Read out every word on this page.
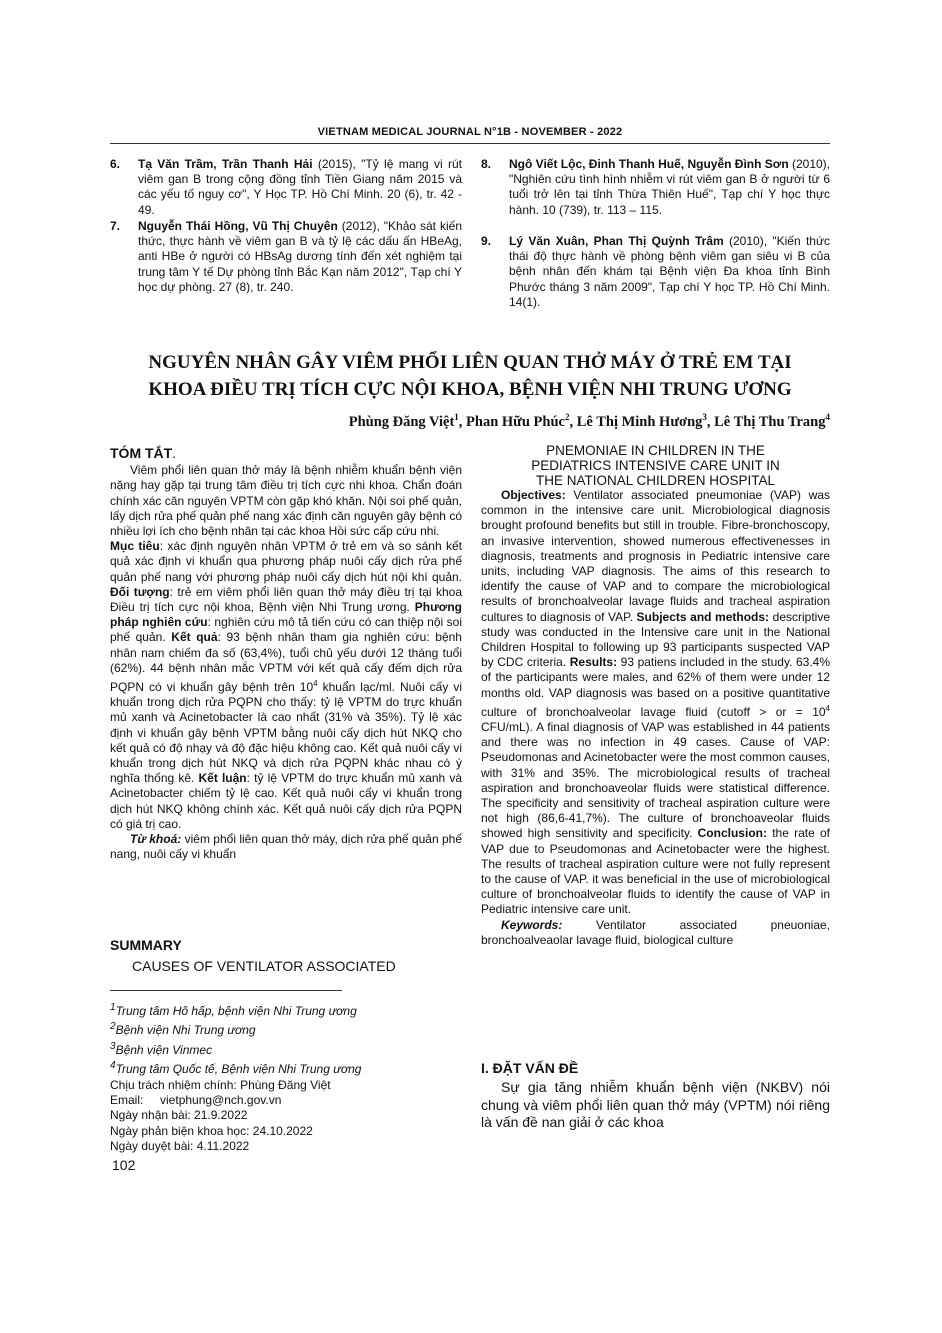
VIETNAM MEDICAL JOURNAL N°1B - NOVEMBER - 2022
6. Tạ Văn Trầm, Trần Thanh Hải (2015), "Tỷ lệ mang vi rút viêm gan B trong cộng đồng tỉnh Tiền Giang năm 2015 và các yếu tố nguy cơ", Y Học TP. Hồ Chí Minh. 20 (6), tr. 42 - 49.
7. Nguyễn Thái Hồng, Vũ Thị Chuyên (2012), "Khảo sát kiến thức, thực hành về viêm gan B và tỷ lệ các dấu ấn HBeAg, anti HBe ở người có HBsAg dương tính đến xét nghiệm tại trung tâm Y tế Dự phòng tỉnh Bắc Kạn năm 2012", Tạp chí Y học dự phòng. 27 (8), tr. 240.
8. Ngô Viết Lộc, Đinh Thanh Huế, Nguyễn Đình Sơn (2010), "Nghiên cứu tình hình nhiễm vi rút viêm gan B ở người từ 6 tuổi trở lên tại tỉnh Thừa Thiên Huế", Tạp chí Y học thực hành. 10 (739), tr. 113 – 115.
9. Lý Văn Xuân, Phan Thị Quỳnh Trâm (2010), "Kiến thức thái độ thực hành về phòng bệnh viêm gan siêu vi B của bệnh nhân đến khám tại Bệnh viện Đa khoa tỉnh Bình Phước tháng 3 năm 2009", Tạp chí Y học TP. Hồ Chí Minh. 14(1).
NGUYÊN NHÂN GÂY VIÊM PHỔI LIÊN QUAN THỞ MÁY Ở TRẺ EM TẠI
KHOA ĐIỀU TRỊ TÍCH CỰC NỘI KHOA, BỆNH VIỆN NHI TRUNG ƯƠNG
Phùng Đăng Việt$^1$, Phan Hữu Phúc$^2$, Lê Thị Minh Hương$^3$, Lê Thị Thu Trang$^4$
TÓM TẮT.

Viêm phổi liên quan thở máy là bệnh nhiễm khuẩn bệnh viện nặng hay gặp tại trung tâm điều trị tích cực nhi khoa. Chẩn đoán chính xác căn nguyên VPTM còn gặp khó khăn. Nội soi phế quản, lấy dịch rửa phế quản phế nang xác định căn nguyên gây bệnh có nhiều lợi ích cho bệnh nhân tại các khoa Hồi sức cấp cứu nhi.

Mục tiêu: xác định nguyên nhân VPTM ở trẻ em và so sánh kết quả xác định vi khuẩn qua phương pháp nuôi cấy dịch rửa phế quản phế nang với phương pháp nuôi cấy dịch hút nội khí quản. Đối tượng: trẻ em viêm phổi liên quan thở máy điều trị tại khoa Điều trị tích cực nội khoa, Bệnh viện Nhi Trung ương. Phương pháp nghiên cứu: nghiên cứu mô tả tiến cứu có can thiệp nội soi phế quản. Kết quả: 93 bệnh nhân tham gia nghiên cứu: bệnh nhân nam chiếm đa số (63,4%), tuổi chủ yếu dưới 12 tháng tuổi (62%). 44 bệnh nhân mắc VPTM với kết quả cấy đếm dịch rửa PQPN có vi khuẩn gây bệnh trên $10^4$ khuẩn lạc/ml. Nuôi cấy vi khuẩn trong dịch rửa PQPN cho thấy: tỷ lệ VPTM do trực khuẩn mủ xanh và Acinetobacter là cao nhất (31% và 35%). Tỷ lệ xác định vi khuẩn gây bệnh VPTM bằng nuôi cấy dịch hút NKQ cho kết quả có độ nhạy và độ đặc hiệu không cao. Kết quả nuôi cấy vi khuẩn trong dịch hút NKQ và dịch rửa PQPN khác nhau có ý nghĩa thống kê. Kết luận: tỷ lệ VPTM do trực khuẩn mủ xanh và Acinetobacter chiếm tỷ lệ cao. Kết quả nuôi cấy vi khuẩn trong dịch hút NKQ không chính xác. Kết quả nuôi cấy dịch rửa PQPN có giá trị cao.

Từ khoá: viêm phổi liên quan thở máy, dịch rửa phế quản phế nang, nuôi cấy vi khuẩn

SUMMARY
CAUSES OF VENTILATOR ASSOCIATED
$^1$Trung tâm Hô hấp, bệnh viện Nhi Trung ương
$^2$Bệnh viện Nhi Trung ương
$^3$Bệnh viện Vinmec
$^4$Trung tâm Quốc tế, Bệnh viện Nhi Trung ương
Chịu trách nhiệm chính: Phùng Đăng Việt
Email: vietphung@nch.gov.vn
Ngày nhận bài: 21.9.2022
Ngày phản biện khoa học: 24.10.2022
Ngày duyệt bài: 4.11.2022
102
PNEMONIAE IN CHILDREN IN THE
PEDIATRICS INTENSIVE CARE UNIT IN
THE NATIONAL CHILDREN HOSPITAL

Objectives: Ventilator associated pneumoniae (VAP) was common in the intensive care unit. Microbiological diagnosis brought profound benefits but still in trouble. Fibre-bronchoscopy, an invasive intervention, showed numerous effectivenesses in diagnosis, treatments and prognosis in Pediatric intensive care units, including VAP diagnosis. The aims of this research to identify the cause of VAP and to compare the microbiological results of bronchoalveolar lavage fluids and tracheal aspiration cultures to diagnosis of VAP. Subjects and methods: descriptive study was conducted in the Intensive care unit in the National Children Hospital to following up 93 participants suspected VAP by CDC criteria. Results: 93 patiens included in the study. 63.4% of the participants were males, and 62% of them were under 12 months old. VAP diagnosis was based on a positive quantitative culture of bronchoalveolar lavage fluid (cutoff > or = $10^4$ CFU/mL). A final diagnosis of VAP was established in 44 patients and there was no infection in 49 cases. Cause of VAP: Pseudomonas and Acinetobacter were the most common causes, with 31% and 35%. The microbiological results of tracheal aspiration and bronchoaveolar fluids were statistical difference. The specificity and sensitivity of tracheal aspiration culture were not high (86,6-41,7%). The culture of bronchoaveolar fluids showed high sensitivity and specificity. Conclusion: the rate of VAP due to Pseudomonas and Acinetobacter were the highest. The results of tracheal aspiration culture were not fully represent to the cause of VAP. it was beneficial in the use of microbiological culture of bronchoalveolar fluids to identify the cause of VAP in Pediatric intensive care unit.

Keywords: Ventilator associated pneuoniae, bronchoalveaolar lavage fluid, biological culture

I. ĐẶT VẤN ĐỀ

Sự gia tăng nhiễm khuẩn bệnh viện (NKBV) nói chung và viêm phổi liên quan thở máy (VPTM) nói riêng là vấn đề nan giải ở các khoa
